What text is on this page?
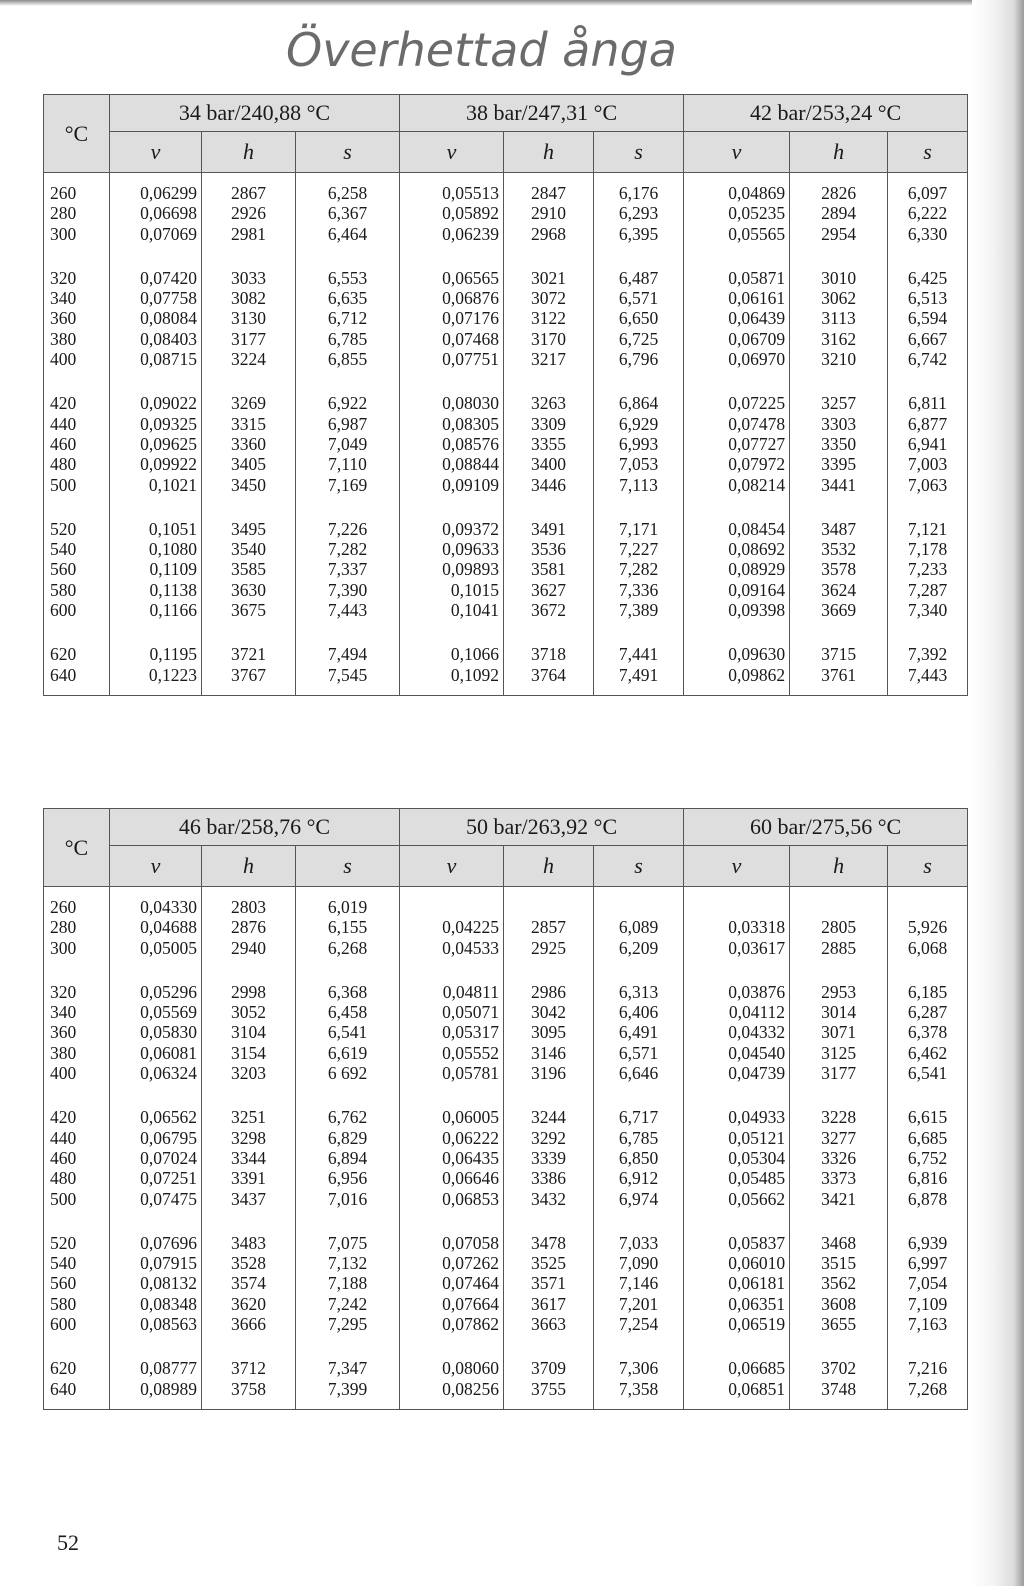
Överhettad ånga
°C	34 bar/240,88 °C			38 bar/247,31 °C			42 bar/253,24 °C		
	v	h	s	v	h	s	v	h	s

260	0,06299	2867	6,258	0,05513	2847	6,176	0,04869	2826	6,097
280	0,06698	2926	6,367	0,05892	2910	6,293	0,05235	2894	6,222
300	0,07069	2981	6,464	0,06239	2968	6,395	0,05565	2954	6,330

320	0,07420	3033	6,553	0,06565	3021	6,487	0,05871	3010	6,425
340	0,07758	3082	6,635	0,06876	3072	6,571	0,06161	3062	6,513
360	0,08084	3130	6,712	0,07176	3122	6,650	0,06439	3113	6,594
380	0,08403	3177	6,785	0,07468	3170	6,725	0,06709	3162	6,667
400	0,08715	3224	6,855	0,07751	3217	6,796	0,06970	3210	6,742

420	0,09022	3269	6,922	0,08030	3263	6,864	0,07225	3257	6,811
440	0,09325	3315	6,987	0,08305	3309	6,929	0,07478	3303	6,877
460	0,09625	3360	7,049	0,08576	3355	6,993	0,07727	3350	6,941
480	0,09922	3405	7,110	0,08844	3400	7,053	0,07972	3395	7,003
500	0,1021	3450	7,169	0,09109	3446	7,113	0,08214	3441	7,063

520	0,1051	3495	7,226	0,09372	3491	7,171	0,08454	3487	7,121
540	0,1080	3540	7,282	0,09633	3536	7,227	0,08692	3532	7,178
560	0,1109	3585	7,337	0,09893	3581	7,282	0,08929	3578	7,233
580	0,1138	3630	7,390	0,1015	3627	7,336	0,09164	3624	7,287
600	0,1166	3675	7,443	0,1041	3672	7,389	0,09398	3669	7,340

620	0,1195	3721	7,494	0,1066	3718	7,441	0,09630	3715	7,392
640	0,1223	3767	7,545	0,1092	3764	7,491	0,09862	3761	7,443

°C	46 bar/258,76 °C			50 bar/263,92 °C			60 bar/275,56 °C		
	v	h	s	v	h	s	v	h	s

260	0,04330	2803	6,019						
280	0,04688	2876	6,155	0,04225	2857	6,089	0,03318	2805	5,926
300	0,05005	2940	6,268	0,04533	2925	6,209	0,03617	2885	6,068

320	0,05296	2998	6,368	0,04811	2986	6,313	0,03876	2953	6,185
340	0,05569	3052	6,458	0,05071	3042	6,406	0,04112	3014	6,287
360	0,05830	3104	6,541	0,05317	3095	6,491	0,04332	3071	6,378
380	0,06081	3154	6,619	0,05552	3146	6,571	0,04540	3125	6,462
400	0,06324	3203	6 692	0,05781	3196	6,646	0,04739	3177	6,541

420	0,06562	3251	6,762	0,06005	3244	6,717	0,04933	3228	6,615
440	0,06795	3298	6,829	0,06222	3292	6,785	0,05121	3277	6,685
460	0,07024	3344	6,894	0,06435	3339	6,850	0,05304	3326	6,752
480	0,07251	3391	6,956	0,06646	3386	6,912	0,05485	3373	6,816
500	0,07475	3437	7,016	0,06853	3432	6,974	0,05662	3421	6,878

520	0,07696	3483	7,075	0,07058	3478	7,033	0,05837	3468	6,939
540	0,07915	3528	7,132	0,07262	3525	7,090	0,06010	3515	6,997
560	0,08132	3574	7,188	0,07464	3571	7,146	0,06181	3562	7,054
580	0,08348	3620	7,242	0,07664	3617	7,201	0,06351	3608	7,109
600	0,08563	3666	7,295	0,07862	3663	7,254	0,06519	3655	7,163

620	0,08777	3712	7,347	0,08060	3709	7,306	0,06685	3702	7,216
640	0,08989	3758	7,399	0,08256	3755	7,358	0,06851	3748	7,268

52
